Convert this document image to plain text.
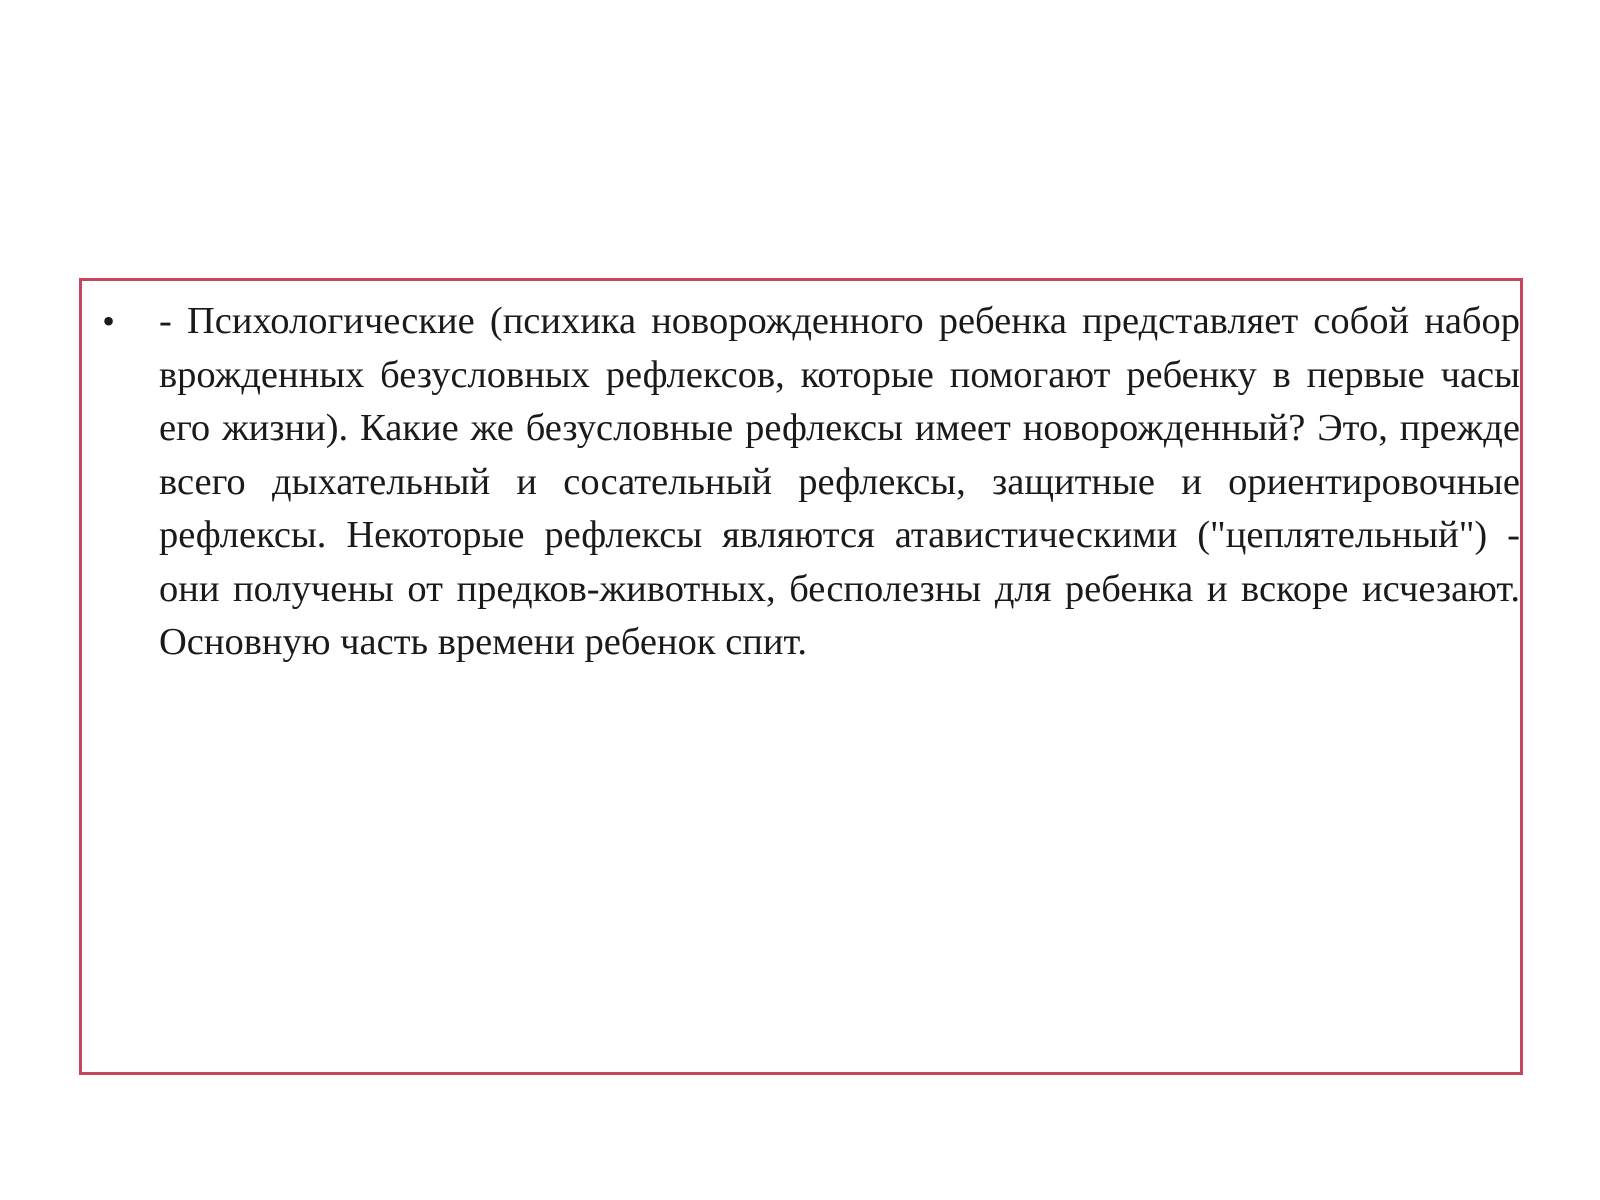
•	- Психологические (психика новорожденного ребенка представляет собой набор врожденных безусловных рефлексов, которые помогают ребенку в первые часы его жизни). Какие же безусловные рефлексы имеет новорожденный? Это, прежде всего дыхательный и сосательный рефлексы, защитные и ориентировочные рефлексы. Некоторые рефлексы являются атавистическими ("цеплятельный") - они получены от предков-животных, бесполезны для ребенка и вскоре исчезают. Основную часть времени ребенок спит.
